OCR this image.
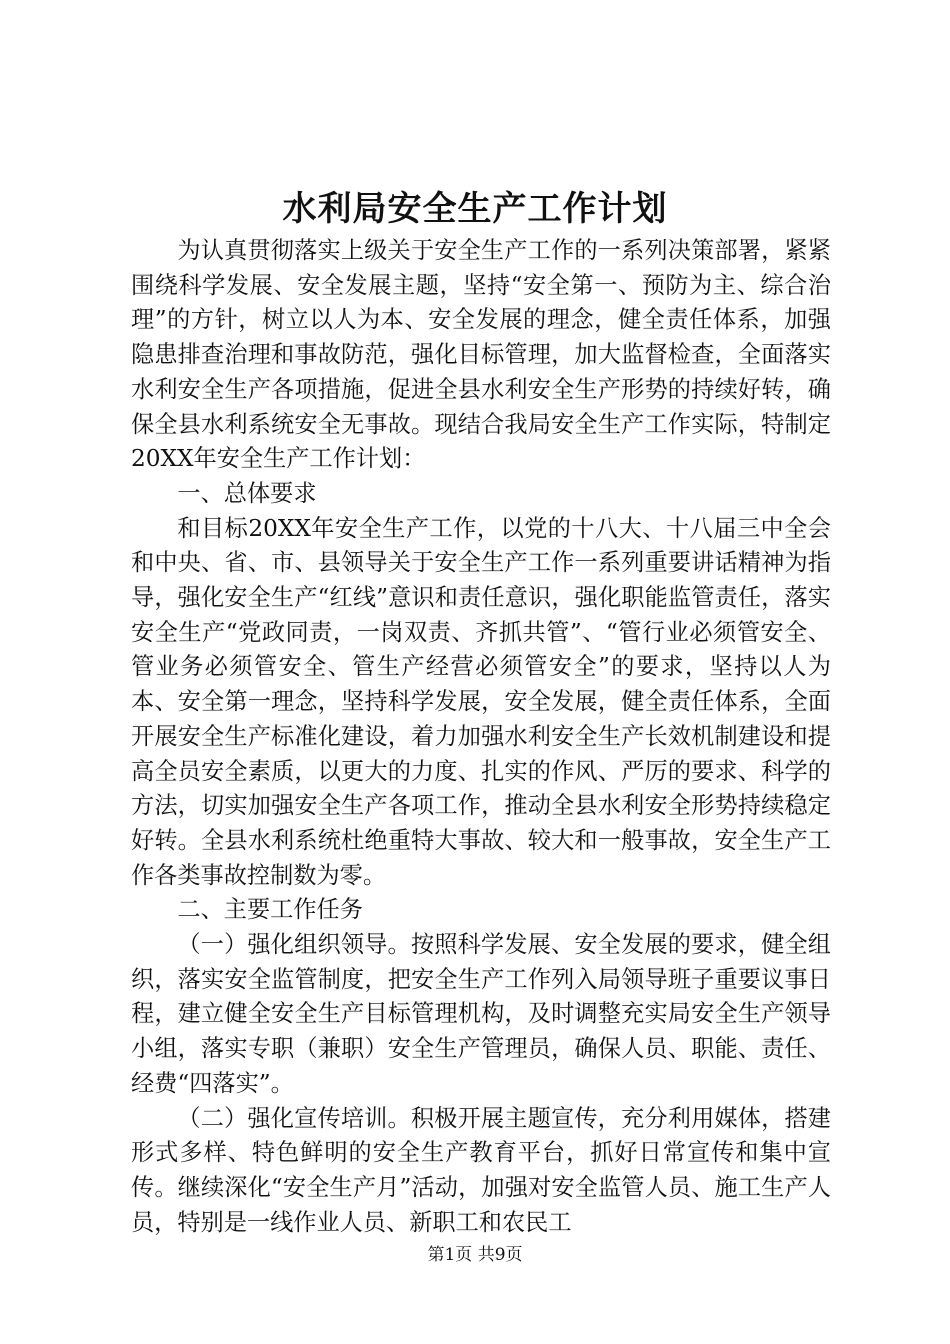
水利局安全生产工作计划

为认真贯彻落实上级关于安全生产工作的一系列决策部署，紧紧围绕科学发展、安全发展主题，坚持“安全第一、预防为主、综合治理”的方针，树立以人为本、安全发展的理念，健全责任体系，加强隐患排查治理和事故防范，强化目标管理，加大监督检查，全面落实水利安全生产各项措施，促进全县水利安全生产形势的持续好转，确保全县水利系统安全无事故。现结合我局安全生产工作实际，特制定20XX年安全生产工作计划：

一、总体要求

和目标20XX年安全生产工作，以党的十八大、十八届三中全会和中央、省、市、县领导关于安全生产工作一系列重要讲话精神为指导，强化安全生产“红线”意识和责任意识，强化职能监管责任，落实安全生产“党政同责，一岗双责、齐抓共管”、“管行业必须管安全、管业务必须管安全、管生产经营必须管安全”的要求，坚持以人为本、安全第一理念，坚持科学发展，安全发展，健全责任体系，全面开展安全生产标准化建设，着力加强水利安全生产长效机制建设和提高全员安全素质，以更大的力度、扎实的作风、严厉的要求、科学的方法，切实加强安全生产各项工作，推动全县水利安全形势持续稳定好转。全县水利系统杜绝重特大事故、较大和一般事故，安全生产工作各类事故控制数为零。

二、主要工作任务

（一）强化组织领导。按照科学发展、安全发展的要求，健全组织，落实安全监管制度，把安全生产工作列入局领导班子重要议事日程，建立健全安全生产目标管理机构，及时调整充实局安全生产领导小组，落实专职（兼职）安全生产管理员，确保人员、职能、责任、经费“四落实”。

（二）强化宣传培训。积极开展主题宣传，充分利用媒体，搭建形式多样、特色鲜明的安全生产教育平台，抓好日常宣传和集中宣传。继续深化“安全生产月”活动，加强对安全监管人员、施工生产人员，特别是一线作业人员、新职工和农民工

第1页 共9页
